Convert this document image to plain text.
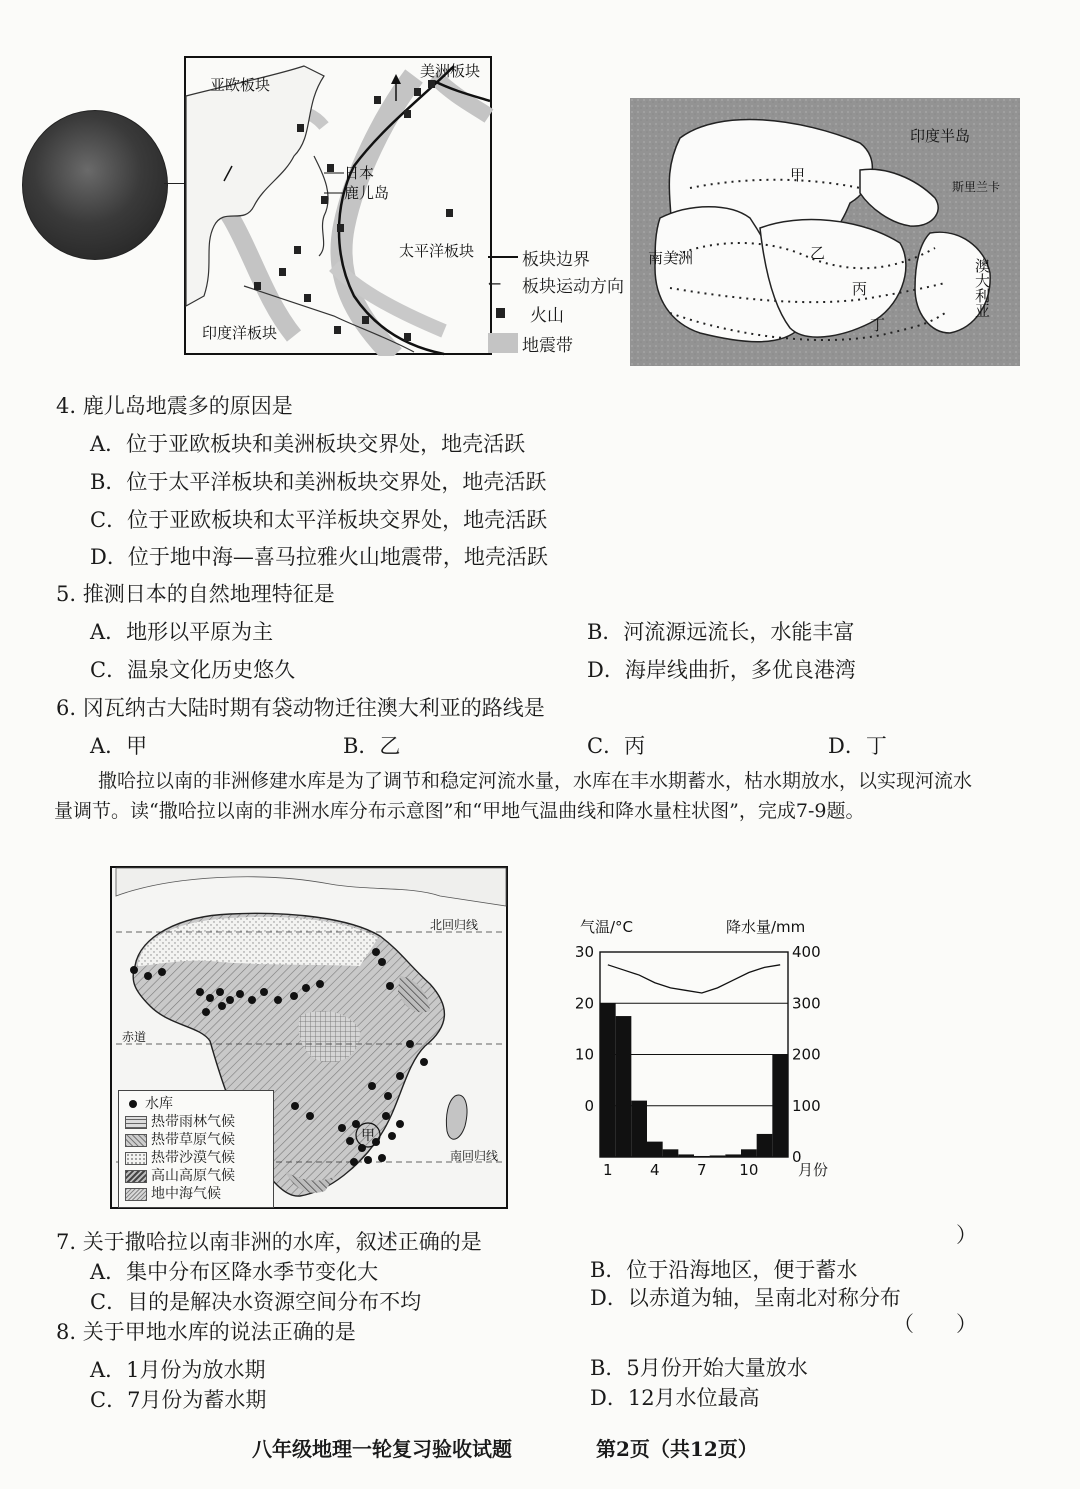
亚欧板块
美洲板块
日本
鹿儿岛
太平洋板块
印度洋板块
板块边界
←	板块运动方向
火山
地震带
印度半岛
斯里兰卡
南美洲	澳大利亚
甲
乙
丙
丁
4. 鹿儿岛地震多的原因是
A．位于亚欧板块和美洲板块交界处，地壳活跃
B．位于太平洋板块和美洲板块交界处，地壳活跃
C．位于亚欧板块和太平洋板块交界处，地壳活跃
D．位于地中海—喜马拉雅火山地震带，地壳活跃
5. 推测日本的自然地理特征是
A．地形以平原为主	B．河流源远流长，水能丰富
C．温泉文化历史悠久	D．海岸线曲折，多优良港湾
6. 冈瓦纳古大陆时期有袋动物迁往澳大利亚的路线是
A．甲	B．乙	C．丙	D．丁
撒哈拉以南的非洲修建水库是为了调节和稳定河流水量，水库在丰水期蓄水，枯水期放水，以实现河流水量调节。读“撒哈拉以南的非洲水库分布示意图”和“甲地气温曲线和降水量柱状图”，完成7-9题。
北回归线
赤道
南回归线
甲
水库
热带雨林气候
热带草原气候
热带沙漠气候
高山高原气候
地中海气候
30
20
10
0
400
300
200
100
0
1 4 7 10	月份
气温/°C	降水量/mm
7. 关于撒哈拉以南非洲的水库，叙述正确的是	）
A．集中分布区降水季节变化大	B．位于沿海地区，便于蓄水
C．目的是解决水资源空间分布不均	D．以赤道为轴，呈南北对称分布
8. 关于甲地水库的说法正确的是	（　　）
A．1月份为放水期	B．5月份开始大量放水
C．7月份为蓄水期	D．12月水位最高
八年级地理一轮复习验收试题	第2页（共12页）
